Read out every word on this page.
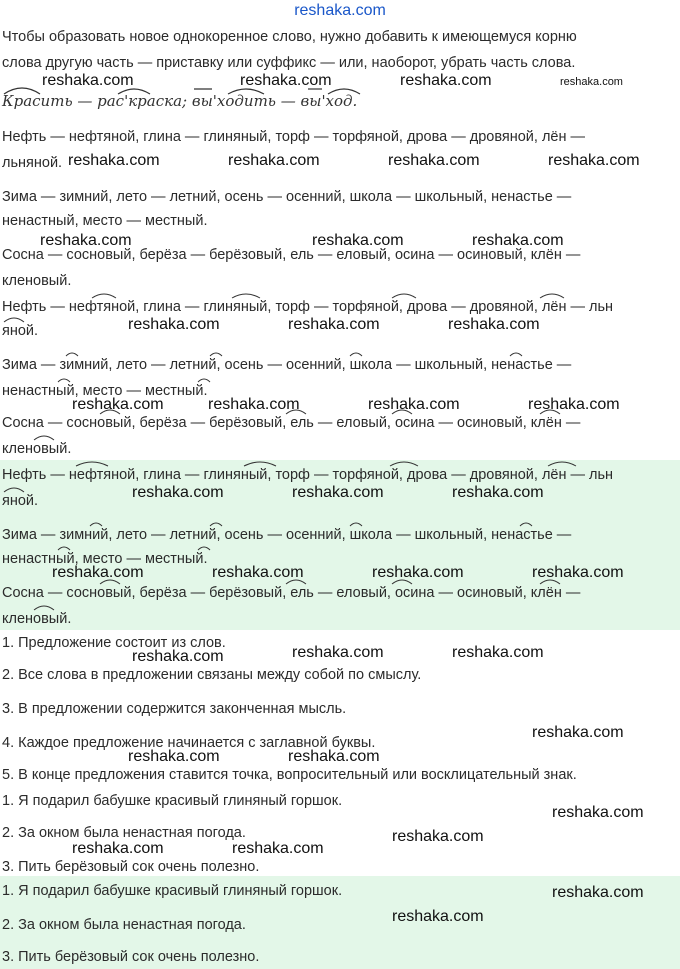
reshaka.com
Чтобы образовать новое однокоренное слово, нужно добавить к имеющемуся корню
слова другую часть — приставку или суффикс — или, наоборот, убрать часть слова.
Красить — рас'краска; вы'ходить — вы'ход.
Нефть — нефтяной, глина — глиняный, торф — торфяной, дрова — дровяной, лён —
льняной.
Зима — зимний, лето — летний, осень — осенний, школа — школьный, ненастье —
ненастный, место — местный.
Сосна — сосновый, берёза — берёзовый, ель — еловый, осина — осиновый, клён —
кленовый.
Нефть — нефтяной, глина — глиняный, торф — торфяной, дрова — дровяной, лён — льн
яной.
Зима — зимний, лето — летний, осень — осенний, школа — школьный, ненастье —
ненастный, место — местный.
Сосна — сосновый, берёза — берёзовый, ель — еловый, осина — осиновый, клён —
кленовый.
Нефть — нефтяной, глина — глиняный, торф — торфяной, дрова — дровяной, лён — льн
яной.
Зима — зимний, лето — летний, осень — осенний, школа — школьный, ненастье —
ненастный, место — местный.
Сосна — сосновый, берёза — берёзовый, ель — еловый, осина — осиновый, клён —
кленовый.
1. Предложение состоит из слов.
2. Все слова в предложении связаны между собой по смыслу.
3. В предложении содержится законченная мысль.
4. Каждое предложение начинается с заглавной буквы.
5. В конце предложения ставится точка, вопросительный или восклицательный знак.
1. Я подарил бабушке красивый глиняный горшок.
2. За окном была ненастная погода.
3. Пить берёзовый сок очень полезно.
1. Я подарил бабушке красивый глиняный горшок.
2. За окном была ненастная погода.
3. Пить берёзовый сок очень полезно.
reshaka.com	reshaka.com	reshaka.com	reshaka.com
reshaka.com	reshaka.com	reshaka.com	reshaka.com
reshaka.com	reshaka.com	reshaka.com
reshaka.com	reshaka.com	reshaka.com
reshaka.com	reshaka.com	reshaka.com	reshaka.com
reshaka.com	reshaka.com	reshaka.com
reshaka.com	reshaka.com	reshaka.com	reshaka.com
reshaka.com	reshaka.com	reshaka.com
reshaka.com
reshaka.com	reshaka.com
reshaka.com
reshaka.com
reshaka.com	reshaka.com
reshaka.com
reshaka.com
